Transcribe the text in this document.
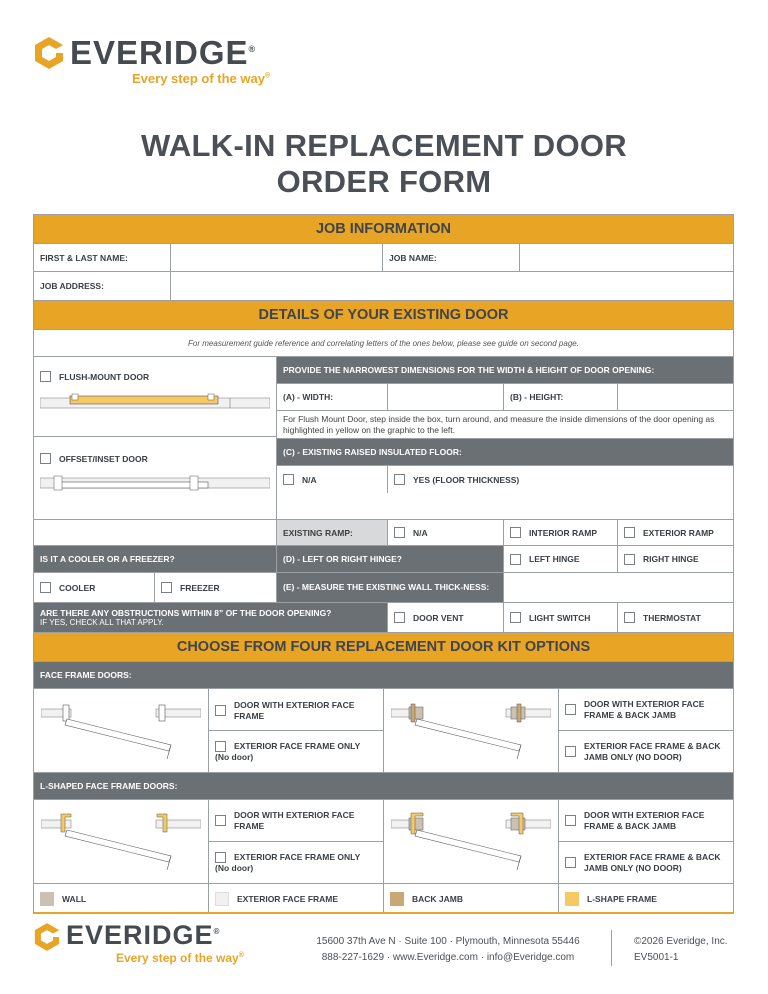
EVERIDGE®
Every step of the way®
WALK-IN REPLACEMENT DOOR
ORDER FORM
JOB INFORMATION
FIRST & LAST NAME:	JOB NAME:
JOB ADDRESS:
DETAILS OF YOUR EXISTING DOOR
For measurement guide reference and correlating letters of the ones below, please see guide on second page.
FLUSH-MOUNT DOOR
OFFSET/INSET DOOR
PROVIDE THE NARROWEST DIMENSIONS FOR THE WIDTH & HEIGHT OF DOOR OPENING:
(A) - WIDTH:	(B) - HEIGHT:
For Flush Mount Door, step inside the box, turn around, and measure the inside dimensions of the door opening as highlighted in yellow on the graphic to the left.
(C) - EXISTING RAISED INSULATED FLOOR:
N/A	YES (FLOOR THICKNESS)
EXISTING RAMP:	N/A	INTERIOR RAMP	EXTERIOR RAMP
IS IT A COOLER OR A FREEZER?	(D) - LEFT OR RIGHT HINGE?	LEFT HINGE	RIGHT HINGE
COOLER	FREEZER	(E) - MEASURE THE EXISTING WALL THICK-NESS:
ARE THERE ANY OBSTRUCTIONS WITHIN 8” OF THE DOOR OPENING?
IF YES, CHECK ALL THAT APPLY.	DOOR VENT	LIGHT SWITCH	THERMOSTAT
CHOOSE FROM FOUR REPLACEMENT DOOR KIT OPTIONS
FACE FRAME DOORS:
DOOR WITH EXTERIOR FACE FRAME
EXTERIOR FACE FRAME ONLY
(No door)
DOOR WITH EXTERIOR FACE FRAME & BACK JAMB
EXTERIOR FACE FRAME & BACK JAMB ONLY (NO DOOR)
L-SHAPED FACE FRAME DOORS:
DOOR WITH EXTERIOR FACE FRAME
EXTERIOR FACE FRAME ONLY
(No door)
DOOR WITH EXTERIOR FACE FRAME & BACK JAMB
EXTERIOR FACE FRAME & BACK JAMB ONLY (NO DOOR)
WALL	EXTERIOR FACE FRAME	BACK JAMB	L-SHAPE FRAME
EVERIDGE®
Every step of the way®
15600 37th Ave N · Suite 100 · Plymouth, Minnesota 55446
888-227-1629 · www.Everidge.com · info@Everidge.com
©2026 Everidge, Inc.
EV5001-1
